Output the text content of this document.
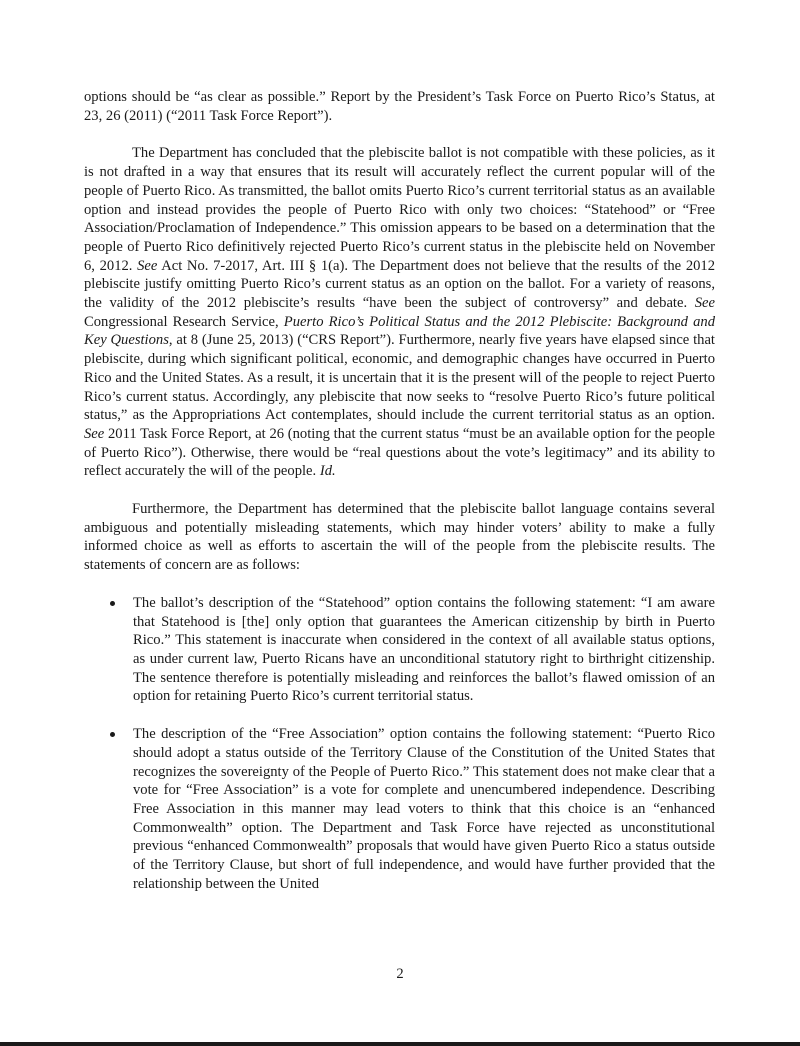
options should be “as clear as possible.” Report by the President’s Task Force on Puerto Rico’s Status, at 23, 26 (2011) (“2011 Task Force Report”).

The Department has concluded that the plebiscite ballot is not compatible with these policies, as it is not drafted in a way that ensures that its result will accurately reflect the current popular will of the people of Puerto Rico. As transmitted, the ballot omits Puerto Rico’s current territorial status as an available option and instead provides the people of Puerto Rico with only two choices: “Statehood” or “Free Association/Proclamation of Independence.” This omission appears to be based on a determination that the people of Puerto Rico definitively rejected Puerto Rico’s current status in the plebiscite held on November 6, 2012. See Act No. 7-2017, Art. III § 1(a). The Department does not believe that the results of the 2012 plebiscite justify omitting Puerto Rico’s current status as an option on the ballot. For a variety of reasons, the validity of the 2012 plebiscite’s results “have been the subject of controversy” and debate. See Congressional Research Service, Puerto Rico’s Political Status and the 2012 Plebiscite: Background and Key Questions, at 8 (June 25, 2013) (“CRS Report”). Furthermore, nearly five years have elapsed since that plebiscite, during which significant political, economic, and demographic changes have occurred in Puerto Rico and the United States. As a result, it is uncertain that it is the present will of the people to reject Puerto Rico’s current status. Accordingly, any plebiscite that now seeks to “resolve Puerto Rico’s future political status,” as the Appropriations Act contemplates, should include the current territorial status as an option. See 2011 Task Force Report, at 26 (noting that the current status “must be an available option for the people of Puerto Rico”). Otherwise, there would be “real questions about the vote’s legitimacy” and its ability to reflect accurately the will of the people. Id.

Furthermore, the Department has determined that the plebiscite ballot language contains several ambiguous and potentially misleading statements, which may hinder voters’ ability to make a fully informed choice as well as efforts to ascertain the will of the people from the plebiscite results. The statements of concern are as follows:

The ballot’s description of the “Statehood” option contains the following statement: “I am aware that Statehood is [the] only option that guarantees the American citizenship by birth in Puerto Rico.” This statement is inaccurate when considered in the context of all available status options, as under current law, Puerto Ricans have an unconditional statutory right to birthright citizenship. The sentence therefore is potentially misleading and reinforces the ballot’s flawed omission of an option for retaining Puerto Rico’s current territorial status.
The description of the “Free Association” option contains the following statement: “Puerto Rico should adopt a status outside of the Territory Clause of the Constitution of the United States that recognizes the sovereignty of the People of Puerto Rico.” This statement does not make clear that a vote for “Free Association” is a vote for complete and unencumbered independence. Describing Free Association in this manner may lead voters to think that this choice is an “enhanced Commonwealth” option. The Department and Task Force have rejected as unconstitutional previous “enhanced Commonwealth” proposals that would have given Puerto Rico a status outside of the Territory Clause, but short of full independence, and would have further provided that the relationship between the United
2
